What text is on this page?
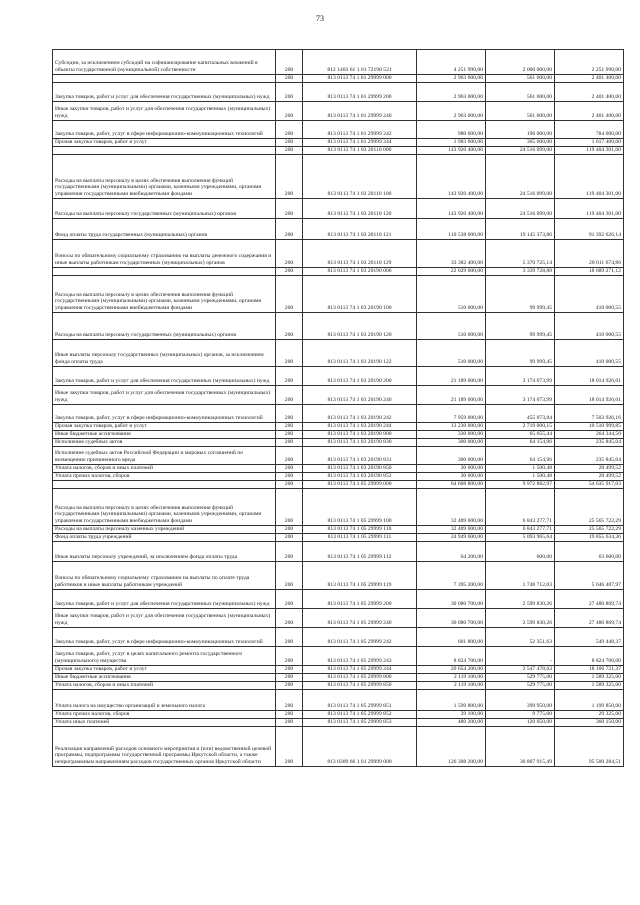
73
Субсидии, за исключением субсидий на софинансирование капитальных вложений в объекты государственной (муниципальной) собственности	200	812 1403 61 1 01 72190 521	4 251 990,00	2 000 000,00	2 251 990,00
	200	813 0113 74 1 01 29999 000	2 963 000,00	561 600,00	2 401 400,00
Закупка товаров, работ и услуг для обеспечения государственных (муниципальных) нужд	200	813 0113 74 1 01 29999 200	2 963 000,00	561 600,00	2 401 400,00
Иные закупки товаров, работ и услуг для обеспечения государственных (муниципальных) нужд	200	813 0113 74 1 01 29999 240	2 963 000,00	561 600,00	2 401 400,00
Закупка товаров, работ, услуг в сфере информационно-коммуникационных технологий	200	813 0113 74 1 01 29999 242	980 000,00	196 000,00	784 000,00
Прочая закупка товаров, работ и услуг	200	813 0113 74 1 01 29999 244	1 983 000,00	365 600,00	1 617 400,00
	200	813 0113 74 1 03 20110 000	143 920 400,00	24 516 099,00	119 404 301,00
Расходы на выплаты персоналу в целях обеспечения выполнения функций государственными (муниципальными) органами, казенными учреждениями, органами управления государственными внебюджетными фондами	200	813 0113 74 1 03 20110 100	143 920 400,00	24 516 099,00	119 404 301,00
Расходы на выплаты персоналу государственных (муниципальных) органов	200	813 0113 74 1 03 20110 120	143 920 400,00	24 516 099,00	119 404 301,00
Фонд оплаты труда государственных (муниципальных) органов	200	813 0113 74 1 03 20110 121	110 538 000,00	19 145 373,86	91 392 626,14
Взносы по обязательному социальному страхованию на выплаты денежного содержания и иные выплаты работникам государственных (муниципальных) органов	200	813 0113 74 1 03 20110 129	33 382 400,00	5 370 725,14	28 011 674,86
	200	813 0113 74 1 03 20190 000	22 029 000,00	3 339 728,88	18 689 271,12
Расходы на выплаты персоналу в целях обеспечения выполнения функций государственными (муниципальными) органами, казенными учреждениями, органами управления государственными внебюджетными фондами	200	813 0113 74 1 03 20190 100	510 000,00	99 999,45	410 000,55
Расходы на выплаты персоналу государственных (муниципальных) органов	200	813 0113 74 1 03 20190 120	510 000,00	99 999,45	410 000,55
Иные выплаты персоналу государственных (муниципальных) органов, за исключением фонда оплаты труда	200	813 0113 74 1 03 20190 122	510 000,00	99 999,45	410 000,55
Закупка товаров, работ и услуг для обеспечения государственных (муниципальных) нужд	200	813 0113 74 1 03 20190 200	21 189 000,00	3 174 073,99	18 014 926,01
Иные закупки товаров, работ и услуг для обеспечения государственных (муниципальных) нужд	200	813 0113 74 1 03 20190 240	21 189 000,00	3 174 073,99	18 014 926,01
Закупка товаров, работ, услуг в сфере информационно-коммуникационных технологий	200	813 0113 74 1 03 20190 242	7 959 000,00	455 073,84	7 503 926,16
Прочая закупка товаров, работ и услуг	200	813 0113 74 1 03 20190 244	13 230 000,00	2 719 000,15	10 510 999,85
Иные бюджетные ассигнования	200	813 0113 74 1 03 20190 800	330 000,00	65 655,44	264 344,56
Исполнение судебных актов	200	813 0113 74 1 03 20190 830	300 000,00	64 154,96	235 845,04
Исполнение судебных актов Российской Федерации и мировых соглашений по возмещению причиненного вреда	200	813 0113 74 1 03 20190 831	300 000,00	64 154,96	235 845,04
Уплата налогов, сборов и иных платежей	200	813 0113 74 1 03 20190 850	30 000,00	1 500,48	28 499,52
Уплата прочих налогов, сборов	200	813 0113 74 1 03 20190 852	30 000,00	1 500,48	28 499,52
	200	813 0113 74 1 05 29999 000	64 608 800,00	9 972 882,97	54 635 917,03
Расходы на выплаты персоналу в целях обеспечения выполнения функций государственными (муниципальными) органами, казенными учреждениями, органами управления государственными внебюджетными фондами	200	813 0113 74 1 05 29999 100	32 409 000,00	6 843 277,71	25 565 722,29
Расходы на выплаты персоналу казенных учреждений	200	813 0113 74 1 05 29999 110	32 409 000,00	6 843 277,71	25 565 722,29
Фонд оплаты труда учреждений	200	813 0113 74 1 05 29999 111	24 949 600,00	5 093 965,64	19 855 634,36
Иные выплаты персоналу учреждений, за исключением фонда оплаты труда	200	813 0113 74 1 05 29999 112	64 200,00	600,00	63 600,00
Взносы по обязательному социальному страхованию на выплаты по оплате труда работников и иные выплаты работникам учреждений	200	813 0113 74 1 05 29999 119	7 395 200,00	1 748 712,03	5 646 487,97
Закупка товаров, работ и услуг для обеспечения государственных (муниципальных) нужд	200	813 0113 74 1 05 29999 200	30 080 700,00	2 599 830,26	27 480 869,74
Иные закупки товаров, работ и услуг для обеспечения государственных (муниципальных) нужд	200	813 0113 74 1 05 29999 240	30 080 700,00	2 599 830,26	27 480 869,74
Закупка товаров, работ, услуг в сфере информационно-коммуникационных технологий	200	813 0113 74 1 05 29999 242	601 800,00	52 351,63	549 448,37
Закупка товаров, работ, услуг в целях капитального ремонта государственного (муниципального) имущества	200	813 0113 74 1 05 29999 243	8 824 700,00	-	8 824 700,00
Прочая закупка товаров, работ и услуг	200	813 0113 74 1 05 29999 244	20 654 200,00	2 547 478,63	18 106 721,37
Иные бюджетные ассигнования	200	813 0113 74 1 05 29999 800	2 119 100,00	529 775,00	1 589 325,00
Уплата налогов, сборов и иных платежей	200	813 0113 74 1 05 29999 850	2 119 100,00	529 775,00	1 589 325,00
Уплата налога на имущество организаций и земельного налога	200	813 0113 74 1 05 29999 851	1 599 800,00	399 950,00	1 199 850,00
Уплата прочих налогов, сборов	200	813 0113 74 1 05 29999 852	39 100,00	9 775,00	29 325,00
Уплата иных платежей	200	813 0113 74 1 05 29999 853	480 200,00	120 050,00	360 150,00
Реализация направлений расходов основного мероприятия и (или) ведомственной целевой программы, подпрограммы государственной программы Иркутской области, а также непрограммным направлениям расходов государственных органов Иркутской области	200	813 0309 66 1 01 29999 000	126 308 200,00	30 807 915,49	95 500 284,51
